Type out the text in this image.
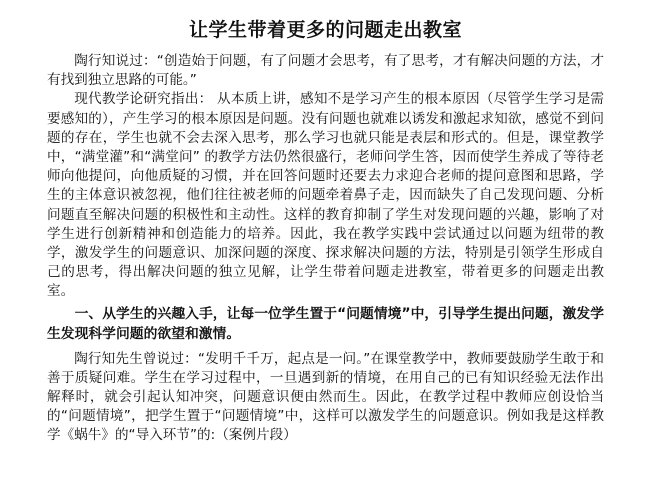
让学生带着更多的问题走出教室

陶行知说过：“创造始于问题，有了问题才会思考，有了思考，才有解决问题的方法，才有找到独立思路的可能。”

现代教学论研究指出： 从本质上讲，感知不是学习产生的根本原因（尽管学生学习是需要感知的），产生学习的根本原因是问题。没有问题也就难以诱发和激起求知欲，感觉不到问题的存在，学生也就不会去深入思考，那么学习也就只能是表层和形式的。但是，课堂教学中，“满堂灌”和“满堂问” 的教学方法仍然很盛行，老师问学生答，因而使学生养成了等待老师向他提问，向他质疑的习惯，并在回答问题时还要去力求迎合老师的提问意图和思路，学生的主体意识被忽视，他们往往被老师的问题牵着鼻子走，因而缺失了自己发现问题、分析问题直至解决问题的积极性和主动性。这样的教育抑制了学生对发现问题的兴趣，影响了对学生进行创新精神和创造能力的培养。因此，我在教学实践中尝试通过以问题为纽带的教学，激发学生的问题意识、加深问题的深度、探求解决问题的方法，特别是引领学生形成自己的思考，得出解决问题的独立见解，让学生带着问题走进教室，带着更多的问题走出教室。

一、从学生的兴趣入手，让每一位学生置于“问题情境”中，引导学生提出问题，激发学生发现科学问题的欲望和激情。

陶行知先生曾说过：“发明千千万，起点是一问。”在课堂教学中，教师要鼓励学生敢于和善于质疑问难。学生在学习过程中，一旦遇到新的情境，在用自己的已有知识经验无法作出解释时，就会引起认知冲突，问题意识便由然而生。因此，在教学过程中教师应创设恰当的“问题情境”，把学生置于“问题情境”中，这样可以激发学生的问题意识。例如我是这样教学《蜗牛》的“导入环节”的:（案例片段）
